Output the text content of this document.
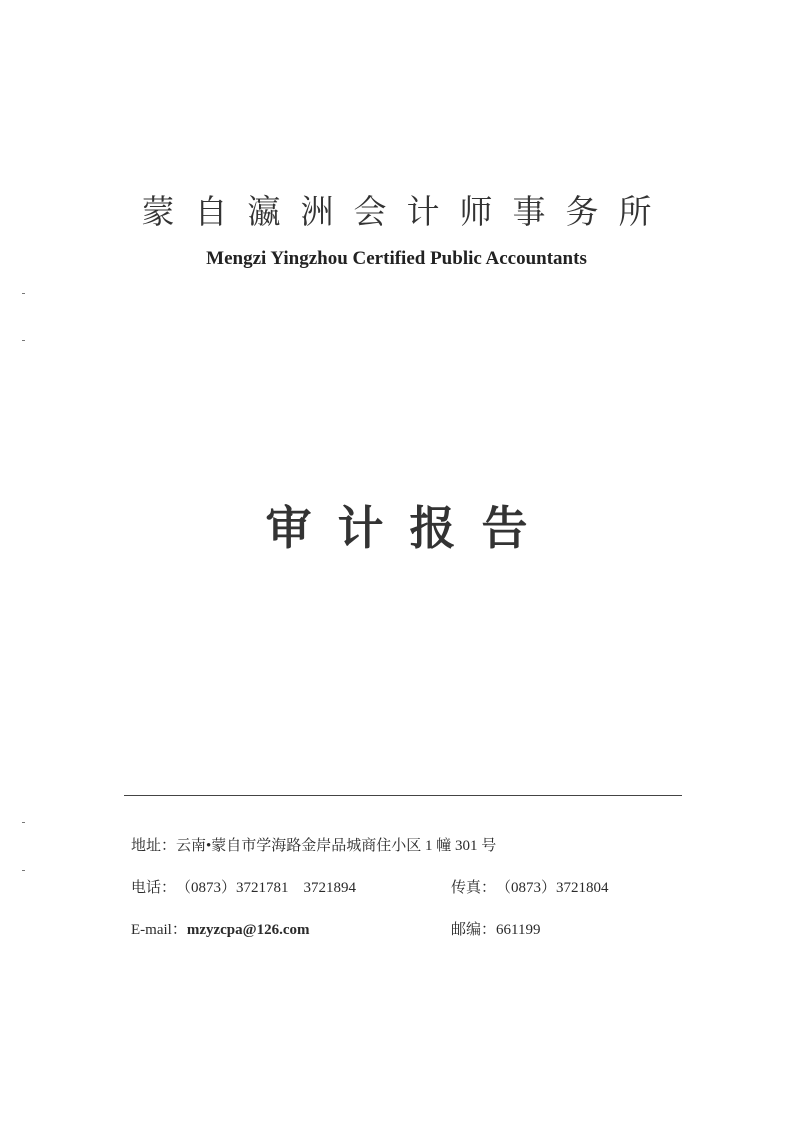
蒙自瀛洲会计师事务所
Mengzi Yingzhou Certified Public Accountants
审计报告
地址：云南•蒙自市学海路金岸品城商住小区 1 幢 301 号
电话：（0873）3721781　3721894	传真：（0873）3721804
E-mail：mzyzcpa@126.com	邮编：661199
